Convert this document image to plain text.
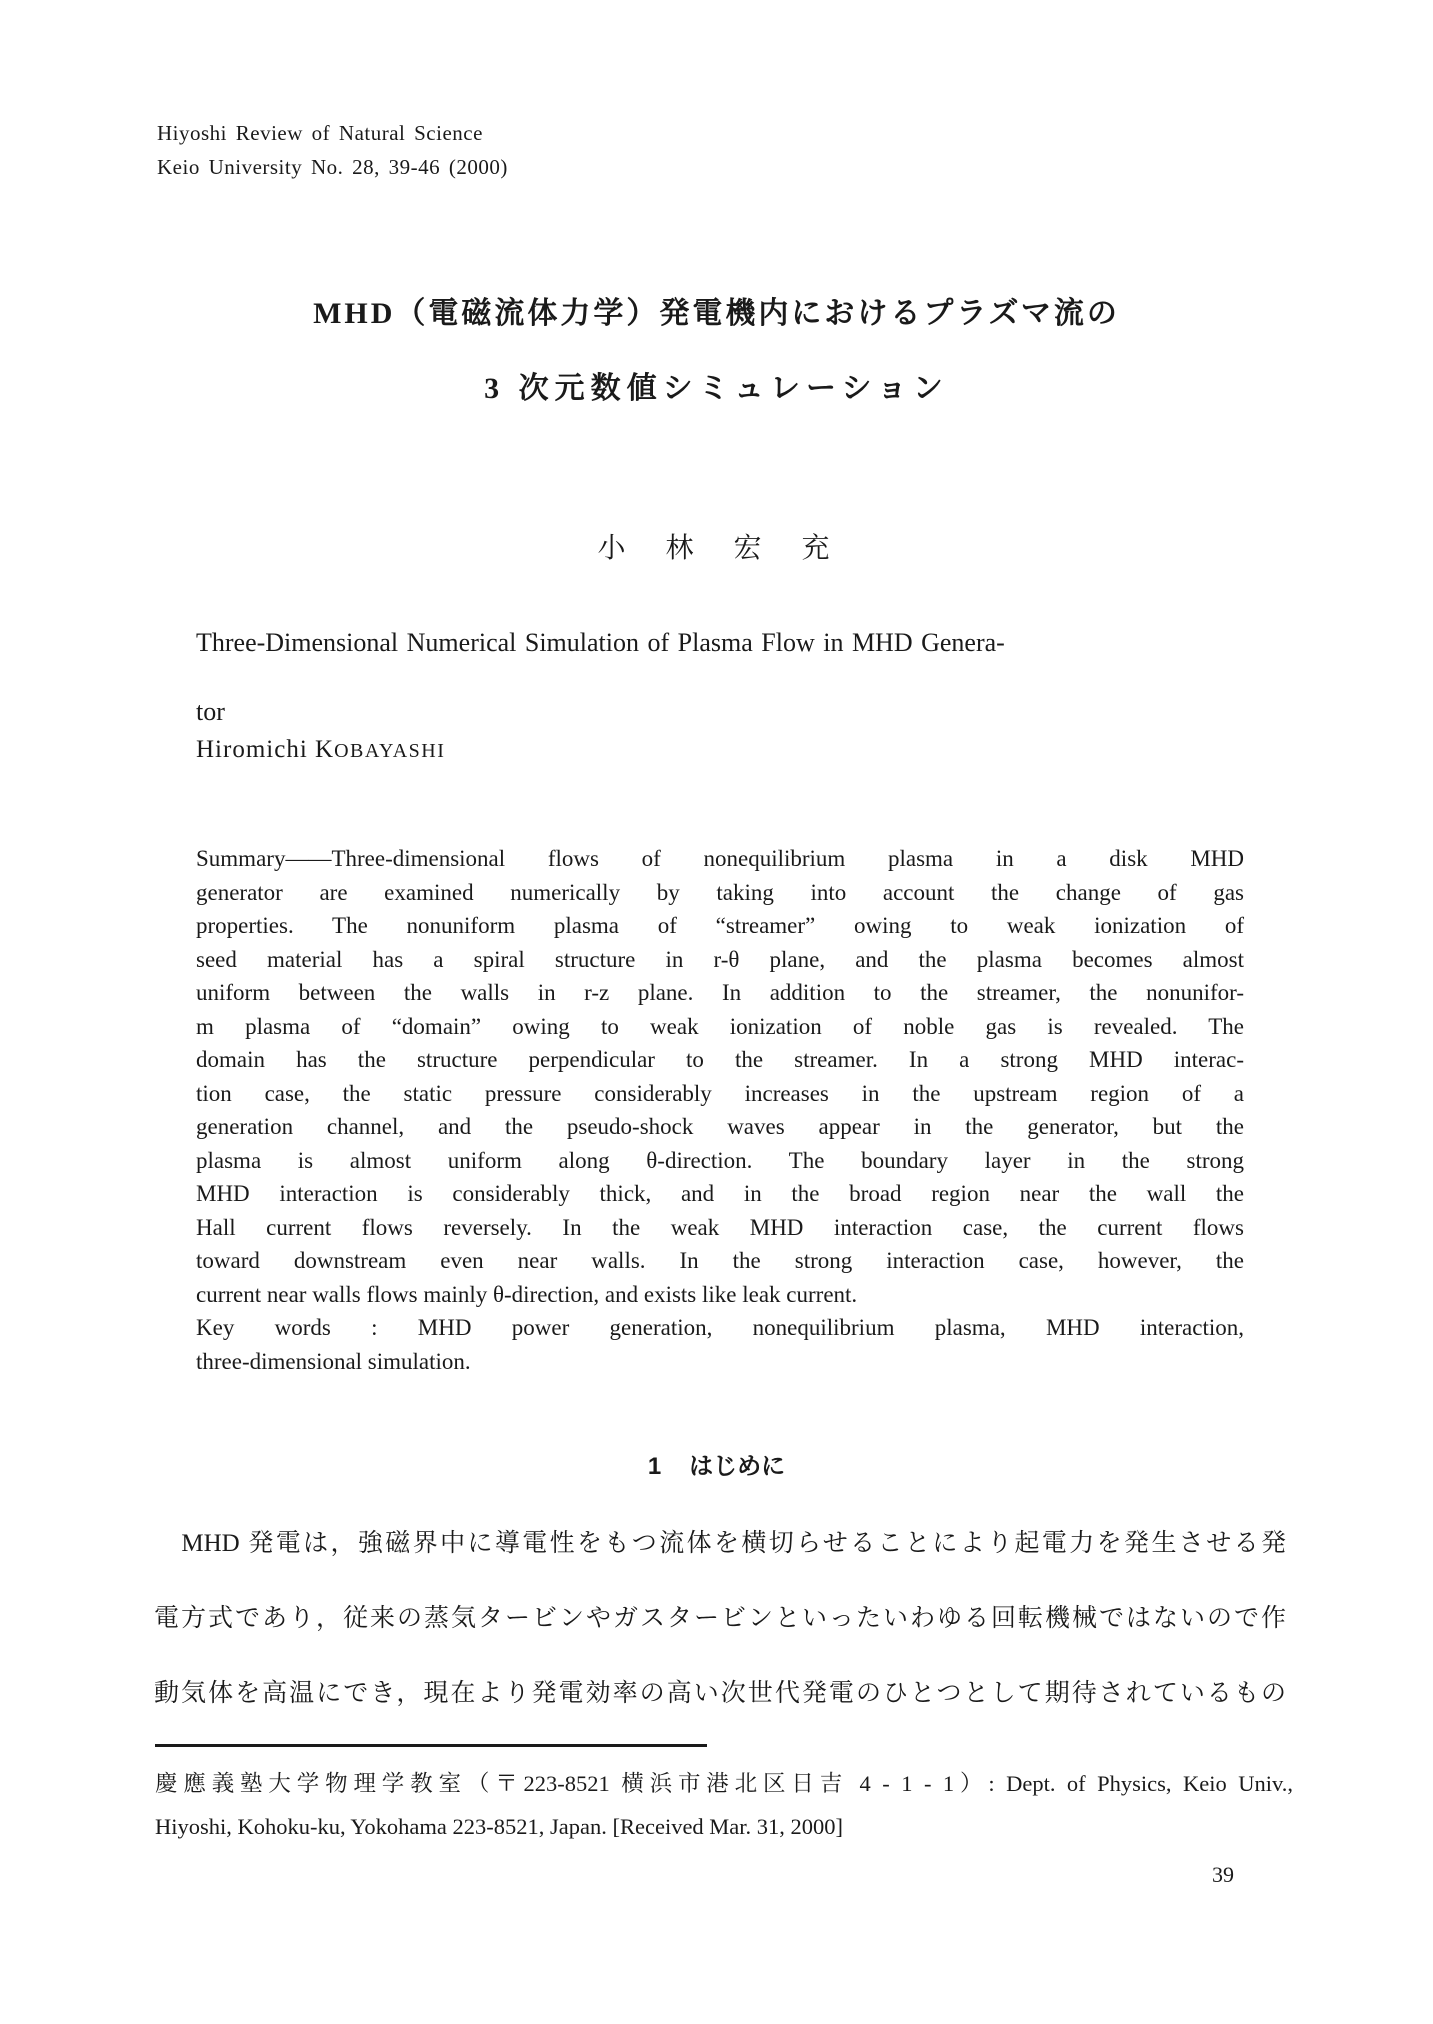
Hiyoshi Review of Natural Science
Keio University No. 28, 39-46 (2000)
MHD（電磁流体力学）発電機内におけるプラズマ流の
3 次元数値シミュレーション
小　林　宏　充
Three-Dimensional Numerical Simulation of Plasma Flow in MHD Genera-
tor
Hiromichi KOBAYASHI
Summary——Three-dimensional flows of nonequilibrium plasma in a disk MHD
generator are examined numerically by taking into account the change of gas
properties. The nonuniform plasma of “streamer” owing to weak ionization of
seed material has a spiral structure in r-θ plane, and the plasma becomes almost
uniform between the walls in r-z plane. In addition to the streamer, the nonunifor-
m plasma of “domain” owing to weak ionization of noble gas is revealed. The
domain has the structure perpendicular to the streamer. In a strong MHD interac-
tion case, the static pressure considerably increases in the upstream region of a
generation channel, and the pseudo-shock waves appear in the generator, but the
plasma is almost uniform along θ-direction. The boundary layer in the strong
MHD interaction is considerably thick, and in the broad region near the wall the
Hall current flows reversely. In the weak MHD interaction case, the current flows
toward downstream even near walls. In the strong interaction case, however, the
current near walls flows mainly θ-direction, and exists like leak current.
Key words : MHD power generation, nonequilibrium plasma, MHD interaction,
three-dimensional simulation.
1 はじめに
　MHD 発電は，強磁界中に導電性をもつ流体を横切らせることにより起電力を発生させる発
電方式であり，従来の蒸気タービンやガスタービンといったいわゆる回転機械ではないので作
動気体を高温にでき，現在より発電効率の高い次世代発電のひとつとして期待されているもの
慶應義塾大学物理学教室（〒223-8521 横浜市港北区日吉 4 - 1 - 1）: Dept. of Physics, Keio Univ.,
Hiyoshi, Kohoku-ku, Yokohama 223-8521, Japan. [Received Mar. 31, 2000]
39
